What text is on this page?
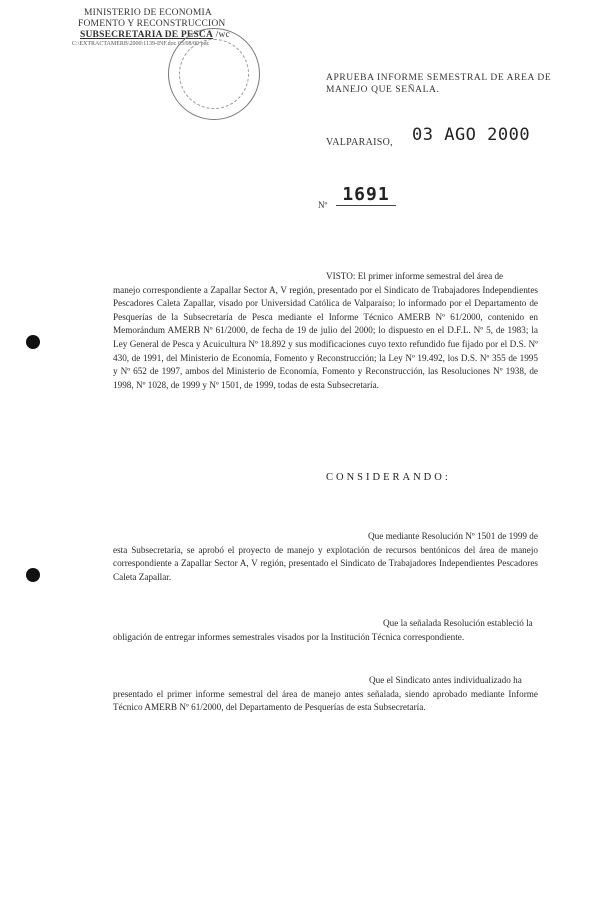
MINISTERIO DE ECONOMIA
FOMENTO Y RECONSTRUCCION
SUBSECRETARIA DE PESCA /wc
C:\EXTRACTAMERB\2000\1139-INF.doc 03/08/00 pdc
APRUEBA INFORME SEMESTRAL DE AREA DE MANEJO QUE SEÑALA.
VALPARAISO, 03 AGO 2000
Nº 1691
VISTO: El primer informe semestral del área de
manejo correspondiente a Zapallar Sector A, V región, presentado por el Sindicato de Trabajadores Independientes Pescadores Caleta Zapallar, visado por Universidad Católica de Valparaíso; lo informado por el Departamento de Pesquerías de la Subsecretaría de Pesca mediante el Informe Técnico AMERB Nº 61/2000, contenido en Memorándum AMERB Nº 61/2000, de fecha de 19 de julio del 2000; lo dispuesto en el D.F.L. Nº 5, de 1983; la Ley General de Pesca y Acuicultura Nº 18.892 y sus modificaciones cuyo texto refundido fue fijado por el D.S. Nº 430, de 1991, del Ministerio de Economía, Fomento y Reconstrucción; la Ley Nº 19.492, los D.S. Nº 355 de 1995 y Nº 652 de 1997, ambos del Ministerio de Economía, Fomento y Reconstrucción, las Resoluciones Nº 1938, de 1998, Nº 1028, de 1999 y Nº 1501, de 1999, todas de esta Subsecretaría.
CONSIDERANDO:
Que mediante Resolución Nº 1501 de 1999 de
esta Subsecretaría, se aprobó el proyecto de manejo y explotación de recursos bentónicos del área de manejo correspondiente a Zapallar Sector A, V región, presentado el Sindicato de Trabajadores Independientes Pescadores Caleta Zapallar.
Que la señalada Resolución estableció la
obligación de entregar informes semestrales visados por la Institución Técnica correspondiente.
Que el Sindicato antes individualizado ha
presentado el primer informe semestral del área de manejo antes señalada, siendo aprobado mediante Informe Técnico AMERB Nº 61/2000, del Departamento de Pesquerías de esta Subsecretaría.
